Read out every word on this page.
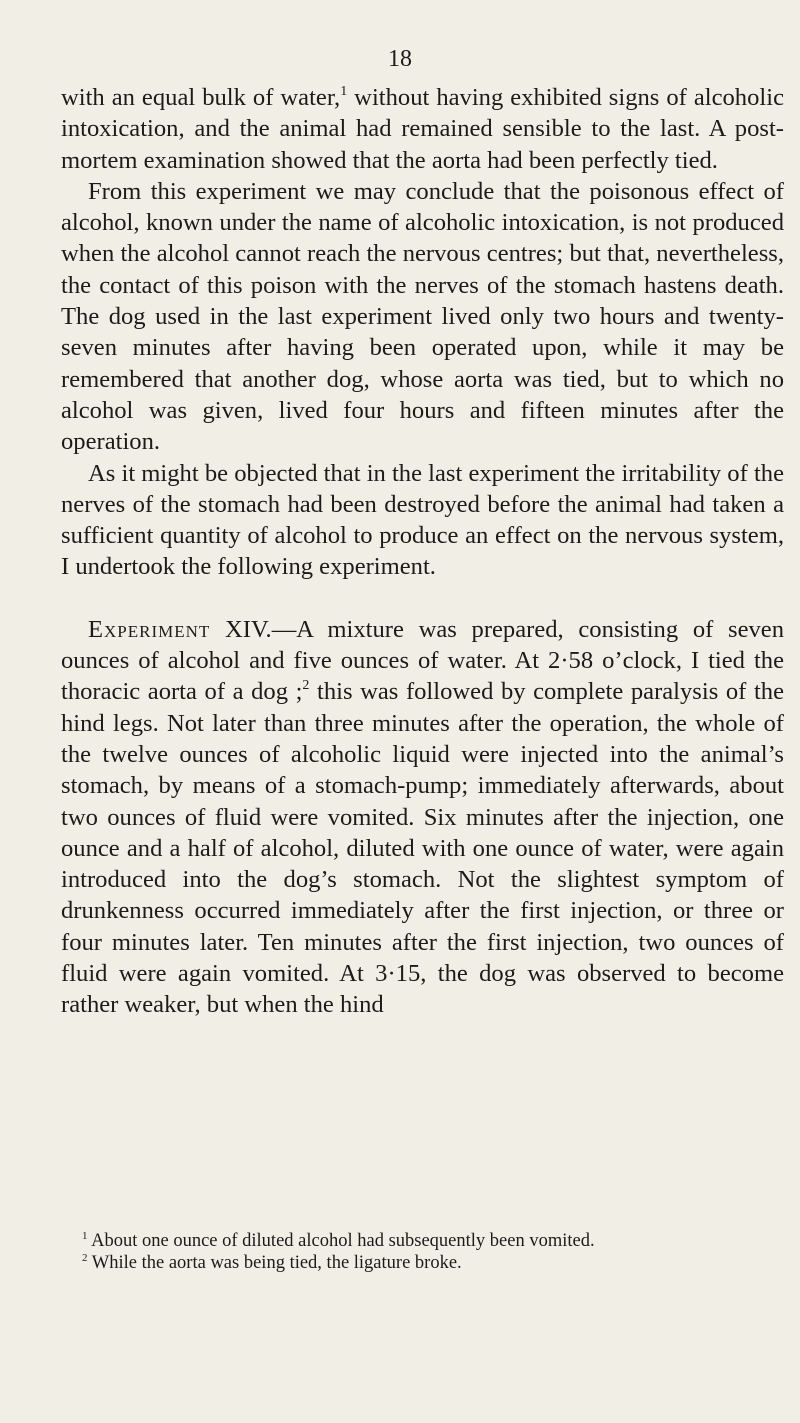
18

with an equal bulk of water,$^1$ without having exhibited signs of alcoholic intoxication, and the animal had remained sensible to the last. A post-mortem examination showed that the aorta had been perfectly tied.

From this experiment we may conclude that the poisonous effect of alcohol, known under the name of alcoholic intoxication, is not produced when the alcohol cannot reach the nervous centres; but that, nevertheless, the contact of this poison with the nerves of the stomach hastens death. The dog used in the last experiment lived only two hours and twenty-seven minutes after having been operated upon, while it may be remembered that another dog, whose aorta was tied, but to which no alcohol was given, lived four hours and fifteen minutes after the operation.

As it might be objected that in the last experiment the irritability of the nerves of the stomach had been destroyed before the animal had taken a sufficient quantity of alcohol to produce an effect on the nervous system, I undertook the following experiment.

Experiment XIV.—A mixture was prepared, consisting of seven ounces of alcohol and five ounces of water. At 2·58 o’clock, I tied the thoracic aorta of a dog ;$^2$ this was followed by complete paralysis of the hind legs. Not later than three minutes after the operation, the whole of the twelve ounces of alcoholic liquid were injected into the animal’s stomach, by means of a stomach-pump; immediately afterwards, about two ounces of fluid were vomited. Six minutes after the injection, one ounce and a half of alcohol, diluted with one ounce of water, were again introduced into the dog’s stomach. Not the slightest symptom of drunkenness occurred immediately after the first injection, or three or four minutes later. Ten minutes after the first injection, two ounces of fluid were again vomited. At 3·15, the dog was observed to become rather weaker, but when the hind

$^1$ About one ounce of diluted alcohol had subsequently been vomited.

$^2$ While the aorta was being tied, the ligature broke.
